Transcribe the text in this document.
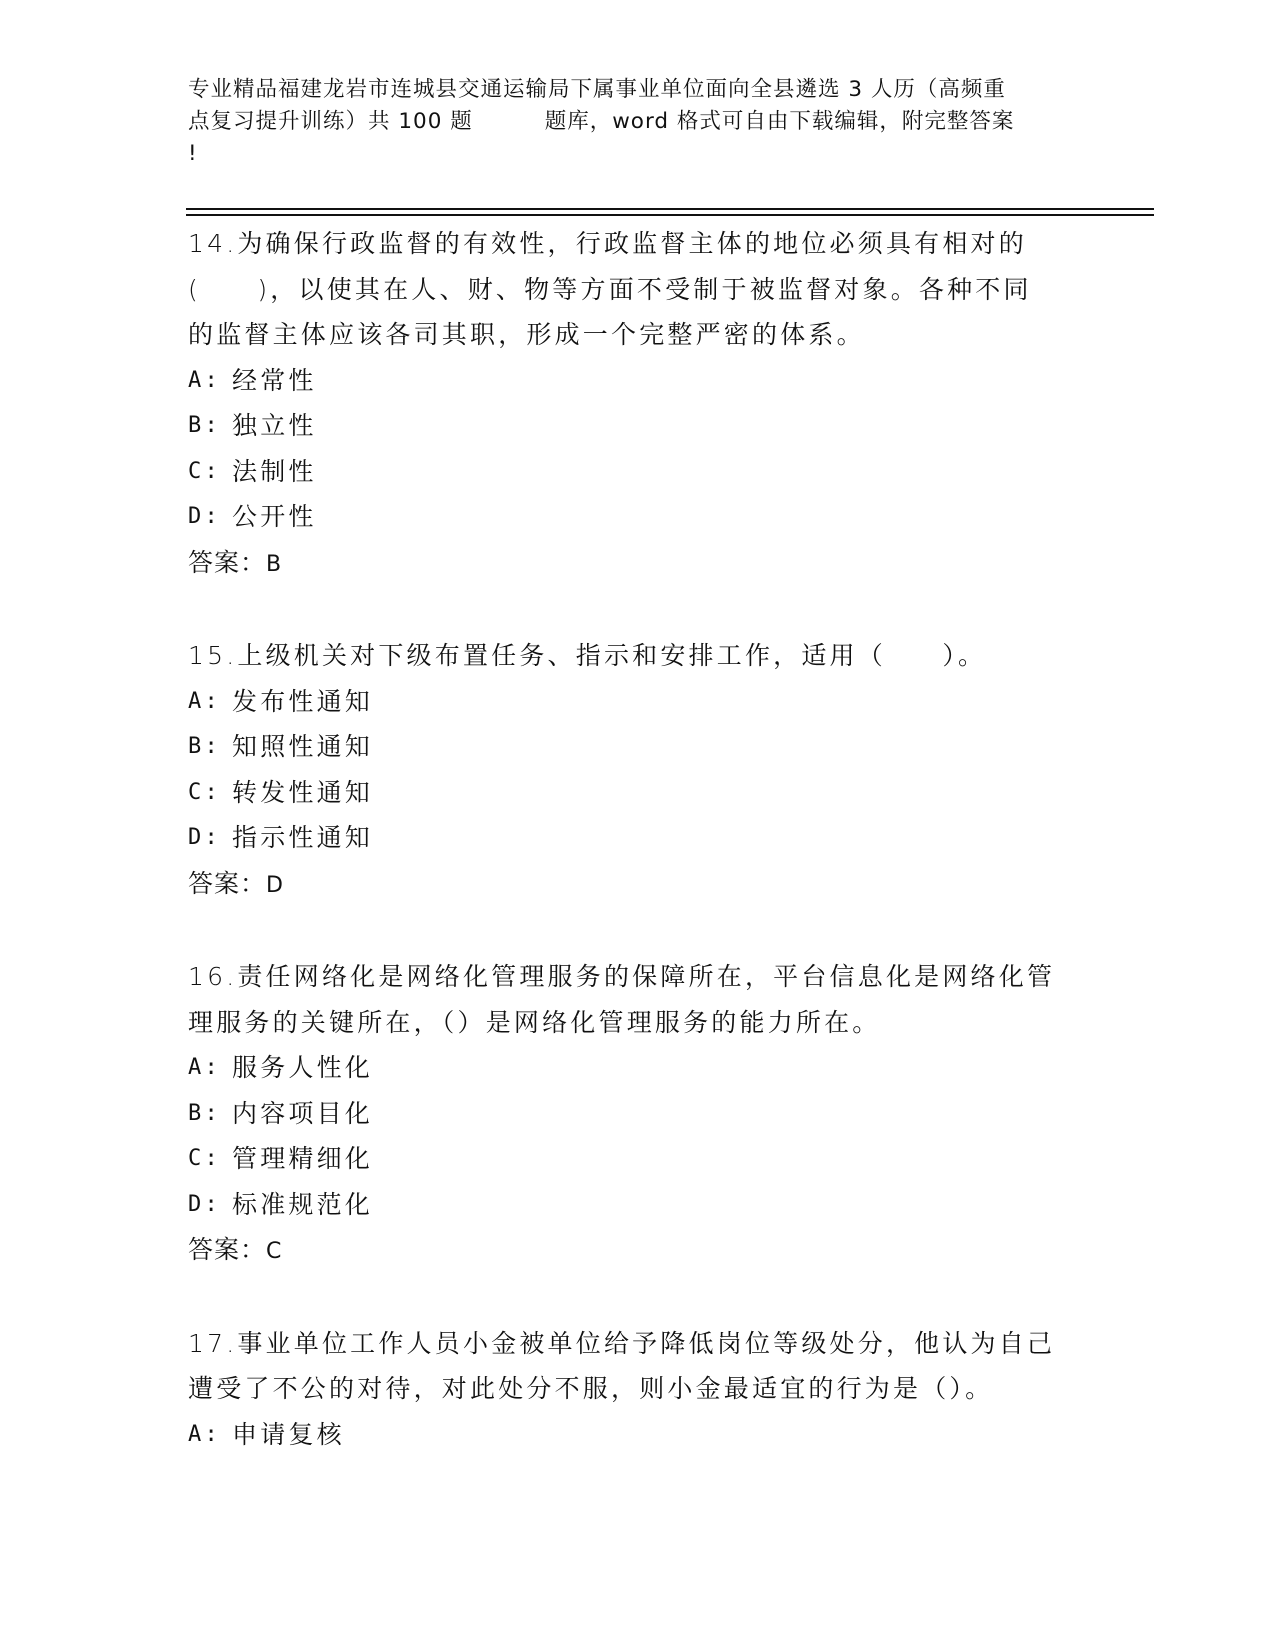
专业精品福建龙岩市连城县交通运输局下属事业单位面向全县遴选 3 人历（高频重
点复习提升训练）共 100 题	题库，word 格式可自由下载编辑，附完整答案
!

14.为确保行政监督的有效性，行政监督主体的地位必须具有相对的

(　　)，以使其在人、财、物等方面不受制于被监督对象。各种不同

的监督主体应该各司其职，形成一个完整严密的体系。

A: 经常性

B: 独立性

C: 法制性

D: 公开性

答案：B

15.上级机关对下级布置任务、指示和安排工作，适用（　　）。

A: 发布性通知

B: 知照性通知

C: 转发性通知

D: 指示性通知

答案：D

16.责任网络化是网络化管理服务的保障所在，平台信息化是网络化管

理服务的关键所在，（）是网络化管理服务的能力所在。

A: 服务人性化

B: 内容项目化

C: 管理精细化

D: 标准规范化

答案：C

17.事业单位工作人员小金被单位给予降低岗位等级处分，他认为自己

遭受了不公的对待，对此处分不服，则小金最适宜的行为是（）。

A: 申请复核
